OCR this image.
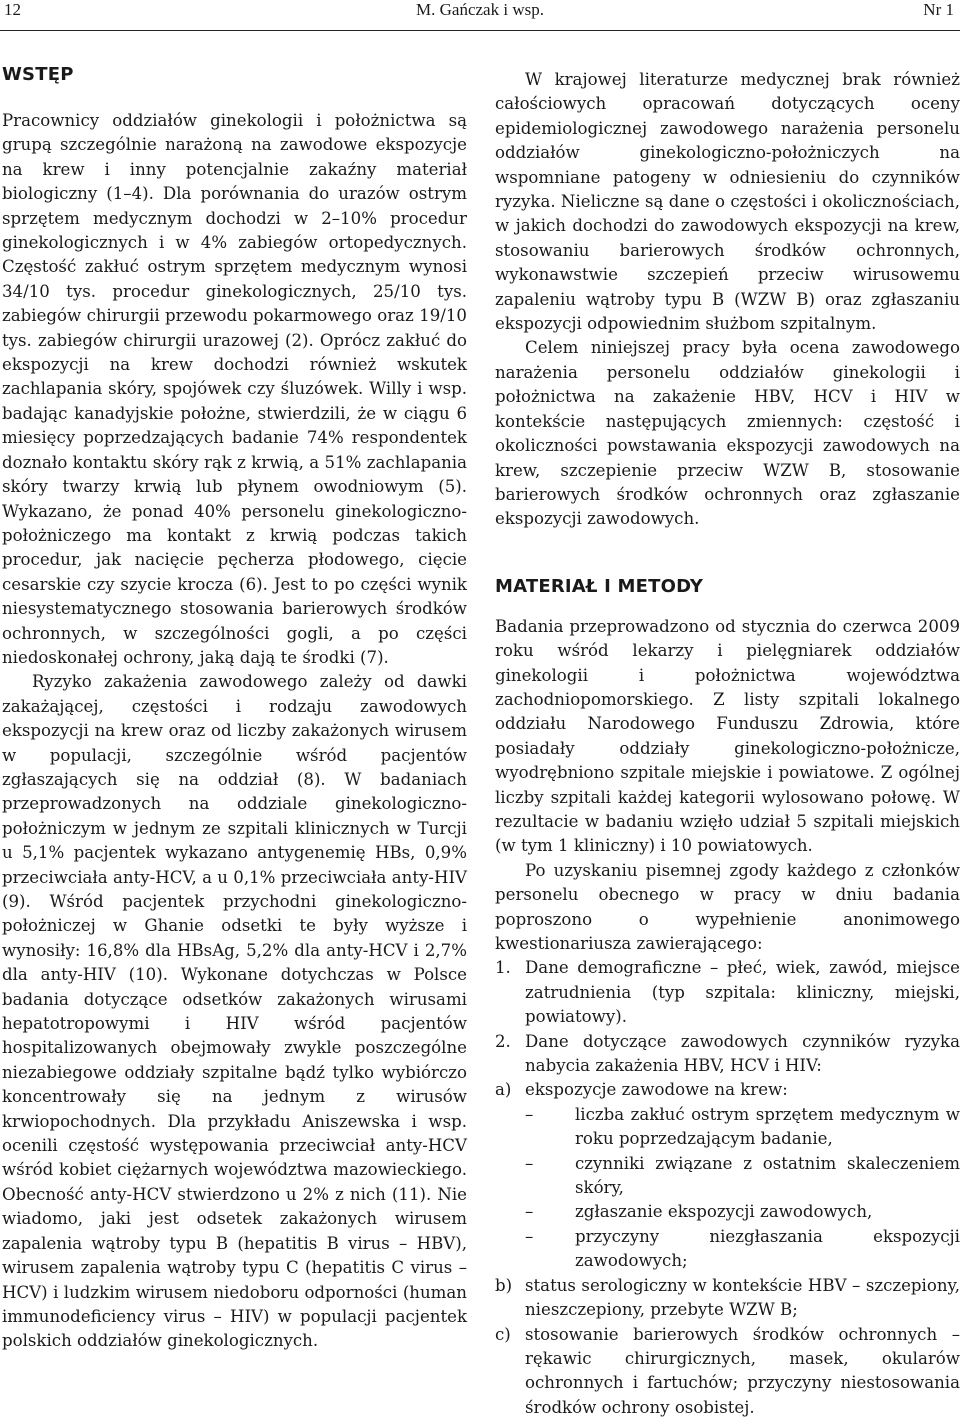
12	M. Gańczak i wsp.	Nr 1
WSTĘP

Pracownicy oddziałów ginekologii i położnictwa są grupą szczególnie narażoną na zawodowe ekspozycje na krew i inny potencjalnie zakaźny materiał biologiczny (1–4). Dla porównania do urazów ostrym sprzętem medycznym dochodzi w 2–10% procedur ginekologicznych i w 4% zabiegów ortopedycznych. Częstość zakłuć ostrym sprzętem medycznym wynosi 34/10 tys. procedur ginekologicznych, 25/10 tys. zabiegów chirurgii przewodu pokarmowego oraz 19/10 tys. zabiegów chirurgii urazowej (2). Oprócz zakłuć do ekspozycji na krew dochodzi również wskutek zachlapania skóry, spojówek czy śluzówek. Willy i wsp. badając kanadyjskie położne, stwierdzili, że w ciągu 6 miesięcy poprzedzających badanie 74% respondentek doznało kontaktu skóry rąk z krwią, a 51% zachlapania skóry twarzy krwią lub płynem owodniowym (5). Wykazano, że ponad 40% personelu ginekologiczno-położniczego ma kontakt z krwią podczas takich procedur, jak nacięcie pęcherza płodowego, cięcie cesarskie czy szycie krocza (6). Jest to po części wynik niesystematycznego stosowania barierowych środków ochronnych, w szczególności gogli, a po części niedoskonałej ochrony, jaką dają te środki (7).

Ryzyko zakażenia zawodowego zależy od dawki zakażającej, częstości i rodzaju zawodowych ekspozycji na krew oraz od liczby zakażonych wirusem w populacji, szczególnie wśród pacjentów zgłaszających się na oddział (8). W badaniach przeprowadzonych na oddziale ginekologiczno-położniczym w jednym ze szpitali klinicznych w Turcji u 5,1% pacjentek wykazano antygenemię HBs, 0,9% przeciwciała anty-HCV, a u 0,1% przeciwciała anty-HIV (9). Wśród pacjentek przychodni ginekologiczno-położniczej w Ghanie odsetki te były wyższe i wynosiły: 16,8% dla HBsAg, 5,2% dla anty-HCV i 2,7% dla anty-HIV (10). Wykonane dotychczas w Polsce badania dotyczące odsetków zakażonych wirusami hepatotropowymi i HIV wśród pacjentów hospitalizowanych obejmowały zwykle poszczególne niezabiegowe oddziały szpitalne bądź tylko wybiórczo koncentrowały się na jednym z wirusów krwiopochodnych. Dla przykładu Aniszewska i wsp. ocenili częstość występowania przeciwciał anty-HCV wśród kobiet ciężarnych województwa mazowieckiego. Obecność anty-HCV stwierdzono u 2% z nich (11). Nie wiadomo, jaki jest odsetek zakażonych wirusem zapalenia wątroby typu B (hepatitis B virus – HBV), wirusem zapalenia wątroby typu C (hepatitis C virus – HCV) i ludzkim wirusem niedoboru odporności (human immunodeficiency virus – HIV) w populacji pacjentek polskich oddziałów ginekologicznych.

W krajowej literaturze medycznej brak również całościowych opracowań dotyczących oceny epidemiologicznej zawodowego narażenia personelu oddziałów ginekologiczno-położniczych na wspomniane patogeny w odniesieniu do czynników ryzyka. Nieliczne są dane o częstości i okolicznościach, w jakich dochodzi do zawodowych ekspozycji na krew, stosowaniu barierowych środków ochronnych, wykonawstwie szczepień przeciw wirusowemu zapaleniu wątroby typu B (WZW B) oraz zgłaszaniu ekspozycji odpowiednim służbom szpitalnym.

Celem niniejszej pracy była ocena zawodowego narażenia personelu oddziałów ginekologii i położnictwa na zakażenie HBV, HCV i HIV w kontekście następujących zmiennych: częstość i okoliczności powstawania ekspozycji zawodowych na krew, szczepienie przeciw WZW B, stosowanie barierowych środków ochronnych oraz zgłaszanie ekspozycji zawodowych.

MATERIAŁ I METODY

Badania przeprowadzono od stycznia do czerwca 2009 roku wśród lekarzy i pielęgniarek oddziałów ginekologii i położnictwa województwa zachodniopomorskiego. Z listy szpitali lokalnego oddziału Narodowego Funduszu Zdrowia, które posiadały oddziały ginekologiczno-położnicze, wyodrębniono szpitale miejskie i powiatowe. Z ogólnej liczby szpitali każdej kategorii wylosowano połowę. W rezultacie w badaniu wzięło udział 5 szpitali miejskich (w tym 1 kliniczny) i 10 powiatowych.

Po uzyskaniu pisemnej zgody każdego z członków personelu obecnego w pracy w dniu badania poproszono o wypełnienie anonimowego kwestionariusza zawierającego:

1. Dane demograficzne – płeć, wiek, zawód, miejsce zatrudnienia (typ szpitala: kliniczny, miejski, powiatowy).
2. Dane dotyczące zawodowych czynników ryzyka nabycia zakażenia HBV, HCV i HIV:
a) ekspozycje zawodowe na krew:
–	liczba zakłuć ostrym sprzętem medycznym w roku poprzedzającym badanie,
–	czynniki związane z ostatnim skaleczeniem skóry,
–	zgłaszanie ekspozycji zawodowych,
–	przyczyny niezgłaszania ekspozycji zawodowych;
b) status serologiczny w kontekście HBV – szczepiony, nieszczepiony, przebyte WZW B;
c) stosowanie barierowych środków ochronnych – rękawic chirurgicznych, masek, okularów ochronnych i fartuchów; przyczyny niestosowania środków ochrony osobistej.
